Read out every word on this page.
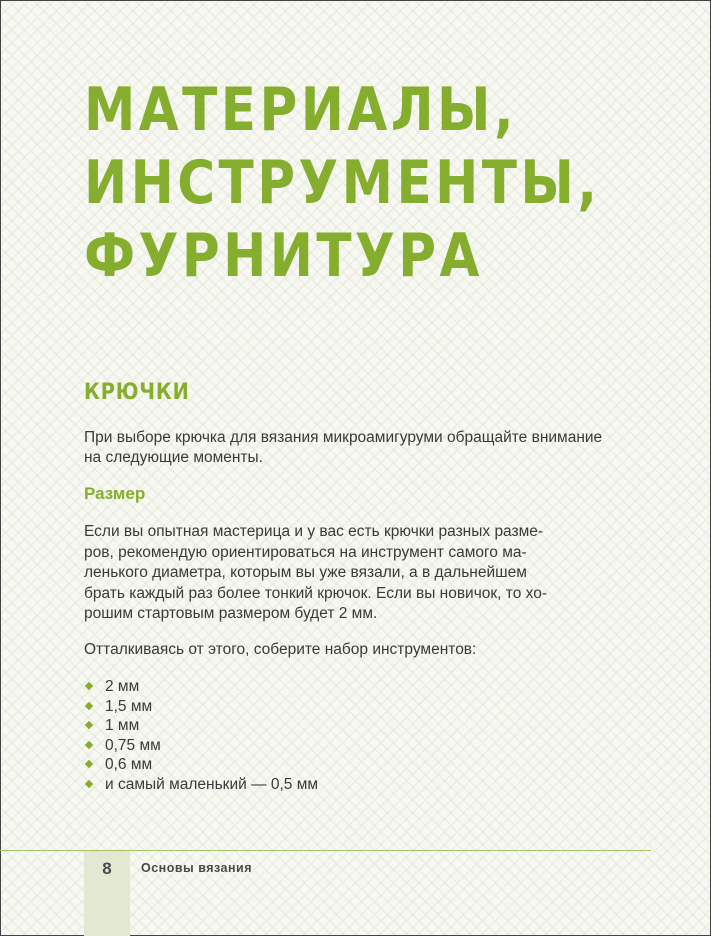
МАТЕРИАЛЫ,
ИНСТРУМЕНТЫ,
ФУРНИТУРА
КРЮЧКИ

При выборе крючка для вязания микроамигуруми обращайте внимание на следующие моменты.

Размер

Если вы опытная мастерица и у вас есть крючки разных разме-
ров, рекомендую ориентироваться на инструмент самого ма-
ленького диаметра, которым вы уже вязали, а в дальнейшем
брать каждый раз более тонкий крючок. Если вы новичок, то хо-
рошим стартовым размером будет 2 мм.

Отталкиваясь от этого, соберите набор инструментов:

2 мм
1,5 мм
1 мм
0,75 мм
0,6 мм
и самый маленький — 0,5 мм
8	Основы вязания
